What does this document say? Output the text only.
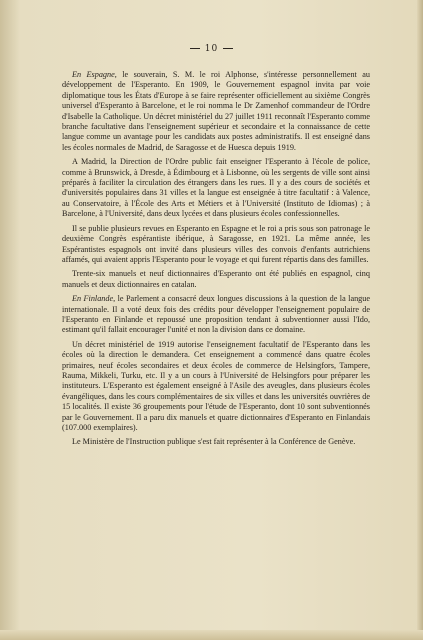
10

En Espagne, le souverain, S. M. le roi Alphonse, s'intéresse personnellement au développement de l'Esperanto. En 1909, le Gouvernement espagnol invita par voie diplomatique tous les États d'Europe à se faire représenter officiellement au sixième Congrès universel d'Esperanto à Barcelone, et le roi nomma le Dr Zamenhof commandeur de l'Ordre d'Isabelle la Catholique. Un décret ministériel du 27 juillet 1911 reconnaît l'Esperanto comme branche facultative dans l'enseignement supérieur et secondaire et la connaissance de cette langue comme un avantage pour les candidats aux postes administratifs. Il est enseigné dans les écoles normales de Madrid, de Saragosse et de Huesca depuis 1919.

A Madrid, la Direction de l'Ordre public fait enseigner l'Esperanto à l'école de police, comme à Brunswick, à Dresde, à Édimbourg et à Lisbonne, où les sergents de ville sont ainsi préparés à faciliter la circulation des étrangers dans les rues. Il y a des cours de sociétés et d'universités populaires dans 31 villes et la langue est enseignée à titre facultatif : à Valence, au Conservatoire, à l'École des Arts et Métiers et à l'Université (Instituto de Idiomas) ; à Barcelone, à l'Université, dans deux lycées et dans plusieurs écoles confessionnelles.

Il se publie plusieurs revues en Esperanto en Espagne et le roi a pris sous son patronage le deuxième Congrès espérantiste ibérique, à Saragosse, en 1921. La même année, les Espérantistes espagnols ont invité dans plusieurs villes des convois d'enfants autrichiens affamés, qui avaient appris l'Esperanto pour le voyage et qui furent répartis dans des familles.

Trente-six manuels et neuf dictionnaires d'Esperanto ont été publiés en espagnol, cinq manuels et deux dictionnaires en catalan.

En Finlande, le Parlement a consacré deux longues discussions à la question de la langue internationale. Il a voté deux fois des crédits pour développer l'enseignement populaire de l'Esperanto en Finlande et repoussé une proposition tendant à subventionner aussi l'Ido, estimant qu'il fallait encourager l'unité et non la division dans ce domaine.

Un décret ministériel de 1919 autorise l'enseignement facultatif de l'Esperanto dans les écoles où la direction le demandera. Cet enseignement a commencé dans quatre écoles primaires, neuf écoles secondaires et deux écoles de commerce de Helsingfors, Tampere, Rauma, Mikkeli, Turku, etc. Il y a un cours à l'Université de Helsingfors pour préparer les instituteurs. L'Esperanto est également enseigné à l'Asile des aveugles, dans plusieurs écoles évangéliques, dans les cours complémentaires de six villes et dans les universités ouvrières de 15 localités. Il existe 36 groupements pour l'étude de l'Esperanto, dont 10 sont subventionnés par le Gouvernement. Il a paru dix manuels et quatre dictionnaires d'Esperanto en Finlandais (107.000 exemplaires).

Le Ministère de l'Instruction publique s'est fait représenter à la Conférence de Genève.
